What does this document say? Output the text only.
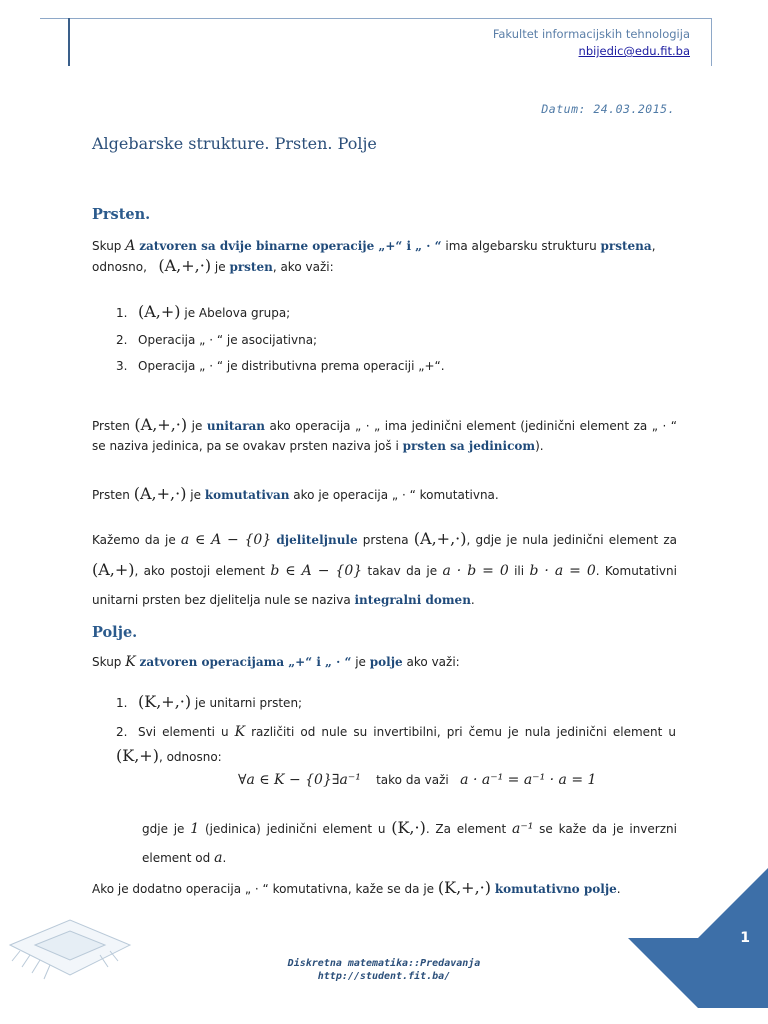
Fakultet informacijskih tehnologija
nbijedic@edu.fit.ba
Datum: 24.03.2015.
Algebarske strukture. Prsten. Polje
Prsten.
Skup A zatvoren sa dvije binarne operacije „+“ i „ · “ ima algebarsku strukturu prstena,
odnosno, (A,+,·) je prsten, ako važi:
1. (A,+) je Abelova grupa;
2. Operacija „ · “ je asocijativna;
3. Operacija „ · “ je distributivna prema operaciji „+“.
Prsten (A,+,·) je unitaran ako operacija „ · „ ima jedinični element (jedinični element za „ · “ se naziva jedinica, pa se ovakav prsten naziva još i prsten sa jedinicom).
Prsten (A,+,·) je komutativan ako je operacija „ · “ komutativna.
Kažemo da je a ∈ A − {0} djeliteljnule prstena (A,+,·), gdje je nula jedinični element za (A,+), ako postoji element b ∈ A − {0} takav da je a · b = 0 ili b · a = 0. Komutativni unitarni prsten bez djelitelja nule se naziva integralni domen.
Polje.
Skup K zatvoren operacijama „+“ i „ · “ je polje ako važi:
1. (K,+,·) je unitarni prsten;
2. Svi elementi u K različiti od nule su invertibilni, pri čemu je nula jedinični element u (K,+), odnosno:
∀a ∈ K − {0}∃a⁻¹ tako da važi a · a⁻¹ = a⁻¹ · a = 1
gdje je 1 (jedinica) jedinični element u (K,·). Za element a⁻¹ se kaže da je inverzni element od a.
Ako je dodatno operacija „ · “ komutativna, kaže se da je (K,+,·) komutativno polje.
Diskretna matematika::Predavanja
http://student.fit.ba/
1
